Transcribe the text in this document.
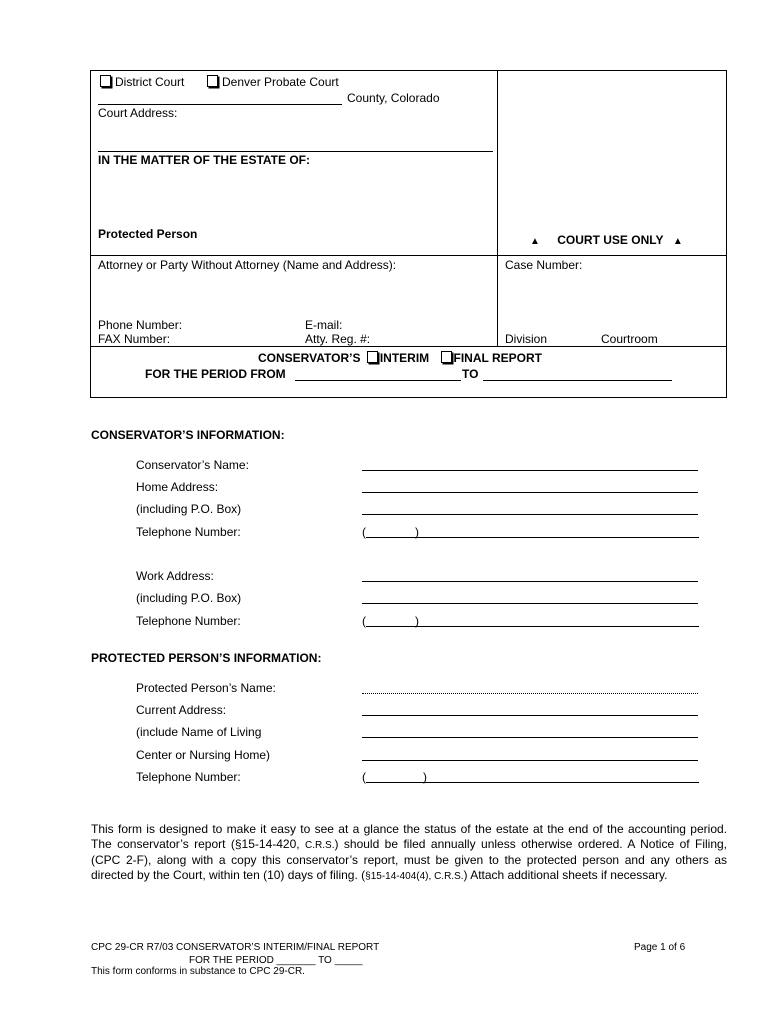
District Court	Denver Probate Court
County, Colorado
Court Address:
IN THE MATTER OF THE ESTATE OF:
Protected Person
▲ COURT USE ONLY ▲
Attorney or Party Without Attorney (Name and Address):	Case Number:
Phone Number:	E-mail:
FAX Number:	Atty. Reg. #:	Division	Courtroom
CONSERVATOR’S INTERIM FINAL REPORT
FOR THE PERIOD FROM	TO
CONSERVATOR’S INFORMATION:
Conservator’s Name:
Home Address:
(including P.O. Box)
Telephone Number:	(	)
Work Address:
(including P.O. Box)
Telephone Number:	(	)
PROTECTED PERSON’S INFORMATION:
Protected Person’s Name:
Current Address:
(include Name of Living
Center or Nursing Home)
Telephone Number:	(	)
This form is designed to make it easy to see at a glance the status of the estate at the end of the accounting period. The conservator’s report (§15-14-420, C.R.S.) should be filed annually unless otherwise ordered. A Notice of Filing, (CPC 2-F), along with a copy this conservator’s report, must be given to the protected person and any others as directed by the Court, within ten (10) days of filing. (§15-14-404(4), C.R.S.) Attach additional sheets if necessary.
CPC 29-CR R7/03 CONSERVATOR’S INTERIM/FINAL REPORT
FOR THE PERIOD _______ TO _____
This form conforms in substance to CPC 29-CR.
Page 1 of 6
